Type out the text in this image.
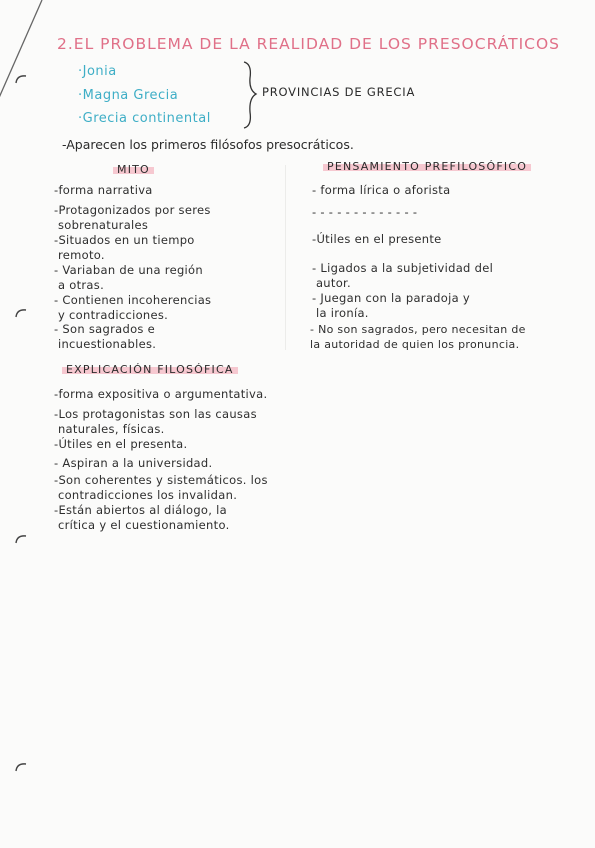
2.EL PROBLEMA DE LA REALIDAD DE LOS PRESOCRÁTICOS
·Jonia
·Magna Grecia
·Grecia continental
PROVINCIAS DE GRECIA
-Aparecen los primeros filósofos presocráticos.
MITO
-forma narrativa
-Protagonizados por seres
sobrenaturales
-Situados en un tiempo
remoto.
- Variaban de una región
a otras.
- Contienen incoherencias
y contradicciones.
- Son sagrados e
incuestionables.
PENSAMIENTO PREFILOSÓFICO
- forma lírica o aforista
- - - - - - - - - - - - -
-Útiles en el presente
- Ligados a la subjetividad del
autor.
- Juegan con la paradoja y
la ironía.
- No son sagrados, pero necesitan de
la autoridad de quien los pronuncia.
EXPLICACIÓN FILOSÓFICA
-forma expositiva o argumentativa.
-Los protagonistas son las causas
naturales, físicas.
-Útiles en el presenta.
- Aspiran a la universidad.
-Son coherentes y sistemáticos. los
contradicciones los invalidan.
-Están abiertos al diálogo, la
crítica y el cuestionamiento.
